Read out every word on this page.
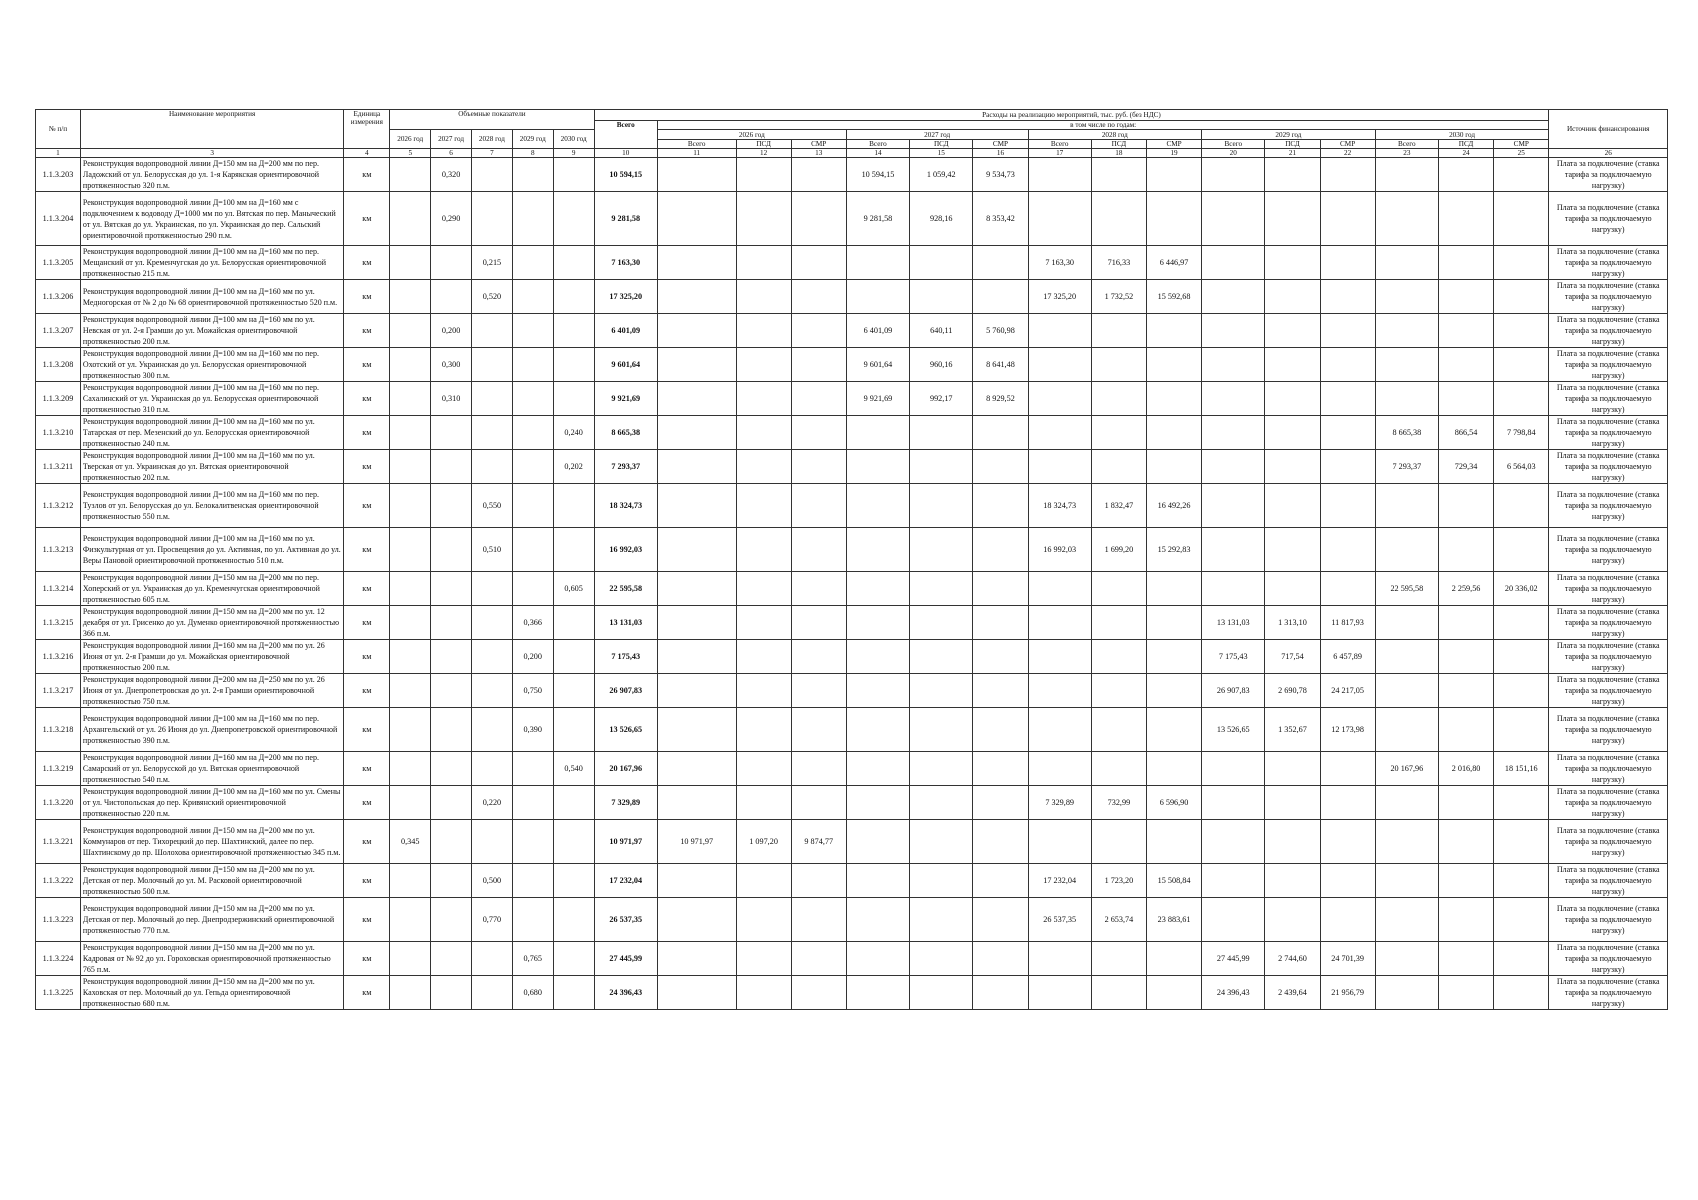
№ п/п	Наименование мероприятия	Единица измерения	Объемные показатели					Расходы на реализацию мероприятий, тыс. руб. (без НДС)																Источник финансирования
								Всего	в том числе по годам:															
			2026 год	2027 год	2028 год	2029 год	2030 год		2026 год			2027 год			2028 год			2029 год			2030 год			
									Всего	ПСД	СМР	Всего	ПСД	СМР	Всего	ПСД	СМР	Всего	ПСД	СМР	Всего	ПСД	СМР	
1	3	4	5	6	7	8	9	10	11	12	13	14	15	16	17	18	19	20	21	22	23	24	25	26
1.1.3.203	Реконструкция водопроводной линии Д=150 мм на Д=200 мм по пер. Ладожский от ул. Белорусская до ул. 1-я Карякская ориентировочной протяженностью 320 п.м.	км		0,320				10 594,15				10 594,15	1 059,42	9 534,73										Плата за подключение (ставка тарифа за подключаемую нагрузку)
1.1.3.204	Реконструкция водопроводной линии Д=100 мм на Д=160 мм с подключением к водоводу Д=1000 мм по ул. Вятская по пер. Маныческий от ул. Вятская до ул. Украинская, по ул. Украинская до пер. Сальский ориентировочной протяженностью 290 п.м.	км		0,290				9 281,58				9 281,58	928,16	8 353,42										Плата за подключение (ставка тарифа за подключаемую нагрузку)
1.1.3.205	Реконструкция водопроводной линии Д=100 мм на Д=160 мм по пер. Мещанский от ул. Кременчугская до ул. Белорусская ориентировочной протяженностью 215 п.м.	км			0,215			7 163,30							7 163,30	716,33	6 446,97							Плата за подключение (ставка тарифа за подключаемую нагрузку)
1.1.3.206	Реконструкция водопроводной линии Д=100 мм на Д=160 мм по ул. Медногорская от № 2 до № 68 ориентировочной протяженностью 520 п.м.	км			0,520			17 325,20							17 325,20	1 732,52	15 592,68							Плата за подключение (ставка тарифа за подключаемую нагрузку)
1.1.3.207	Реконструкция водопроводной линии Д=100 мм на Д=160 мм по ул. Невская от ул. 2-я Грамши до ул. Можайская ориентировочной протяженностью 200 п.м.	км		0,200				6 401,09				6 401,09	640,11	5 760,98										Плата за подключение (ставка тарифа за подключаемую нагрузку)
1.1.3.208	Реконструкция водопроводной линии Д=100 мм на Д=160 мм по пер. Охотский от ул. Украинская до ул. Белорусская ориентировочной протяженностью 300 п.м.	км		0,300				9 601,64				9 601,64	960,16	8 641,48										Плата за подключение (ставка тарифа за подключаемую нагрузку)
1.1.3.209	Реконструкция водопроводной линии Д=100 мм на Д=160 мм по пер. Сахалинский от ул. Украинская до ул. Белорусская ориентировочной протяженностью 310 п.м.	км		0,310				9 921,69				9 921,69	992,17	8 929,52										Плата за подключение (ставка тарифа за подключаемую нагрузку)
1.1.3.210	Реконструкция водопроводной линии Д=100 мм на Д=160 мм по ул. Татарская от пер. Мезенский до ул. Белорусская ориентировочной протяженностью 240 п.м.	км					0,240	8 665,38													8 665,38	866,54	7 798,84	Плата за подключение (ставка тарифа за подключаемую нагрузку)
1.1.3.211	Реконструкция водопроводной линии Д=100 мм на Д=160 мм по ул. Тверская от ул. Украинская до ул. Вятская ориентировочной протяженностью 202 п.м.	км					0,202	7 293,37													7 293,37	729,34	6 564,03	Плата за подключение (ставка тарифа за подключаемую нагрузку)
1.1.3.212	Реконструкция водопроводной линии Д=100 мм на Д=160 мм по пер. Тузлов от ул. Белорусская до ул. Белокалитвенская ориентировочной протяженностью 550 п.м.	км			0,550			18 324,73							18 324,73	1 832,47	16 492,26							Плата за подключение (ставка тарифа за подключаемую нагрузку)
1.1.3.213	Реконструкция водопроводной линии Д=100 мм на Д=160 мм по ул. Физкультурная от ул. Просвещения до ул. Активная, по ул. Активная до ул. Веры Пановой ориентировочной протяженностью 510 п.м.	км			0,510			16 992,03							16 992,03	1 699,20	15 292,83							Плата за подключение (ставка тарифа за подключаемую нагрузку)
1.1.3.214	Реконструкция водопроводной линии Д=150 мм на Д=200 мм по пер. Хоперский от ул. Украинская до ул. Кременчугская ориентировочной протяженностью 605 п.м.	км					0,605	22 595,58													22 595,58	2 259,56	20 336,02	Плата за подключение (ставка тарифа за подключаемую нагрузку)
1.1.3.215	Реконструкция водопроводной линии Д=150 мм на Д=200 мм по ул. 12 декабря от ул. Грисенко до ул. Думенко ориентировочной протяженностью 366 п.м.	км				0,366		13 131,03										13 131,03	1 313,10	11 817,93				Плата за подключение (ставка тарифа за подключаемую нагрузку)
1.1.3.216	Реконструкция водопроводной линии Д=160 мм на Д=200 мм по ул. 26 Июня от ул. 2-я Грамши до ул. Можайская ориентировочной протяженностью 200 п.м.	км				0,200		7 175,43										7 175,43	717,54	6 457,89				Плата за подключение (ставка тарифа за подключаемую нагрузку)
1.1.3.217	Реконструкция водопроводной линии Д=200 мм на Д=250 мм по ул. 26 Июня от ул. Днепропетровская до ул. 2-я Грамши ориентировочной протяженностью 750 п.м.	км				0,750		26 907,83										26 907,83	2 690,78	24 217,05				Плата за подключение (ставка тарифа за подключаемую нагрузку)
1.1.3.218	Реконструкция водопроводной линии Д=100 мм на Д=160 мм по пер. Архангельский от ул. 26 Июня до ул. Днепропетровской ориентировочной протяженностью 390 п.м.	км				0,390		13 526,65										13 526,65	1 352,67	12 173,98				Плата за подключение (ставка тарифа за подключаемую нагрузку)
1.1.3.219	Реконструкция водопроводной линии Д=160 мм на Д=200 мм по пер. Самарский от ул. Белорусской до ул. Вятская ориентировочной протяженностью 540 п.м.	км					0,540	20 167,96													20 167,96	2 016,80	18 151,16	Плата за подключение (ставка тарифа за подключаемую нагрузку)
1.1.3.220	Реконструкция водопроводной линии Д=100 мм на Д=160 мм по ул. Смены от ул. Чистопольская до пер. Кривянский ориентировочной протяженностью 220 п.м.	км			0,220			7 329,89							7 329,89	732,99	6 596,90							Плата за подключение (ставка тарифа за подключаемую нагрузку)
1.1.3.221	Реконструкция водопроводной линии Д=150 мм на Д=200 мм по ул. Коммунаров от пер. Тихорецкий до пер. Шахтинский, далее по пер. Шахтинскому до пр. Шолохова ориентировочной протяженностью 345 п.м.	км	0,345					10 971,97	10 971,97	1 097,20	9 874,77													Плата за подключение (ставка тарифа за подключаемую нагрузку)
1.1.3.222	Реконструкция водопроводной линии Д=150 мм на Д=200 мм по ул. Детская от пер. Молочный до ул. М. Расковой ориентировочной протяженностью 500 п.м.	км			0,500			17 232,04							17 232,04	1 723,20	15 508,84							Плата за подключение (ставка тарифа за подключаемую нагрузку)
1.1.3.223	Реконструкция водопроводной линии Д=150 мм на Д=200 мм по ул. Детская от пер. Молочный до пер. Днепродзержинский ориентировочной протяженностью 770 п.м.	км			0,770			26 537,35							26 537,35	2 653,74	23 883,61							Плата за подключение (ставка тарифа за подключаемую нагрузку)
1.1.3.224	Реконструкция водопроводной линии Д=150 мм на Д=200 мм по ул. Кадровая от № 92 до ул. Гороховская ориентировочной протяженностью 765 п.м.	км				0,765		27 445,99										27 445,99	2 744,60	24 701,39				Плата за подключение (ставка тарифа за подключаемую нагрузку)
1.1.3.225	Реконструкция водопроводной линии Д=150 мм на Д=200 мм по ул. Каховская от пер. Молочный до ул. Гепьда ориентировочной протяженностью 680 п.м.	км				0,680		24 396,43										24 396,43	2 439,64	21 956,79				Плата за подключение (ставка тарифа за подключаемую нагрузку)
